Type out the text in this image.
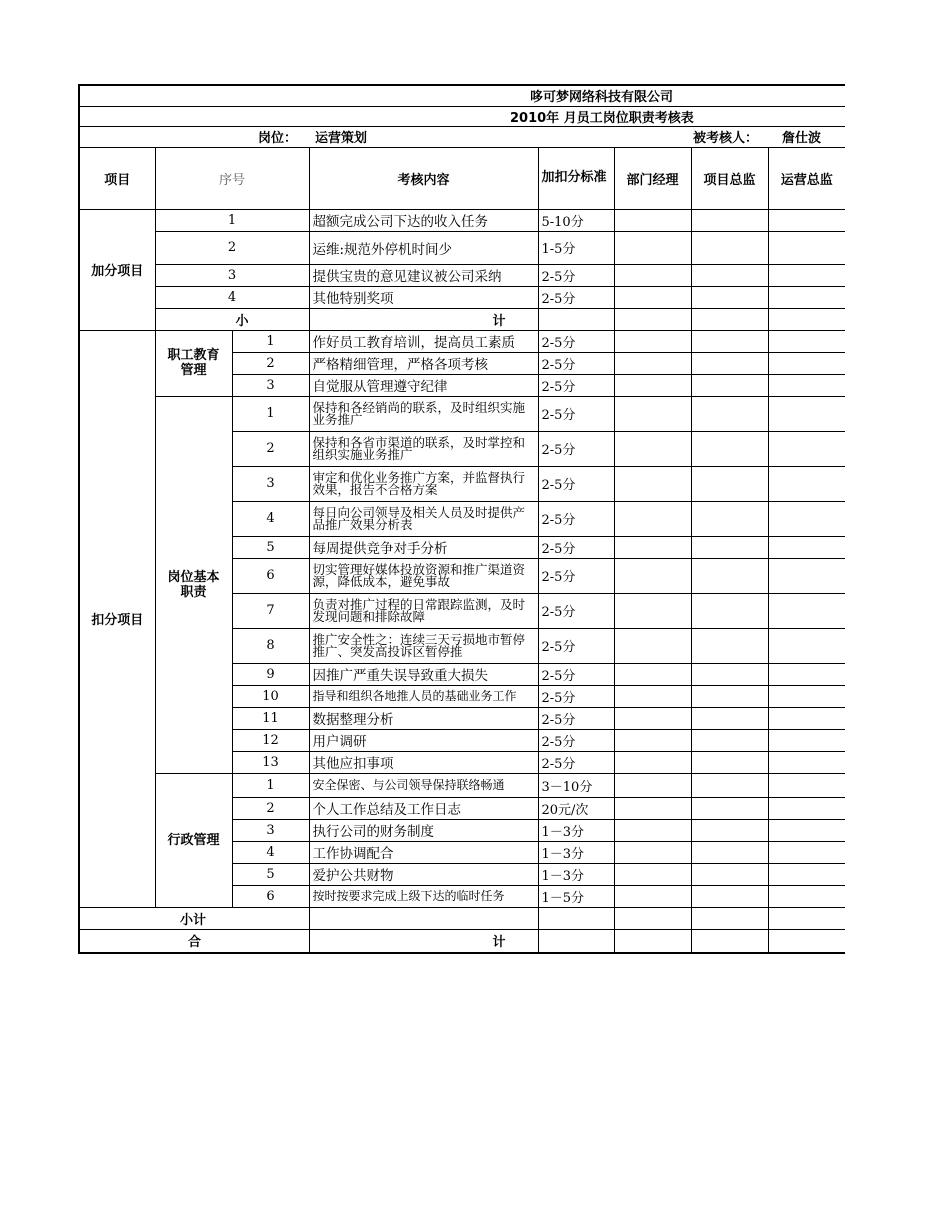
哆可梦网络科技有限公司							
2010年 月员工岗位职责考核表							
岗位： 运营策划 被考核人： 詹仕波							
项目	序号		考核内容	加扣分标准	部门经理	项目总监	运营总监
加分项目	1		超额完成公司下达的收入任务	5-10分			
	2		运维:规范外停机时间少	1-5分			
	3		提供宝贵的意见建议被公司采纳	2-5分			
	4		其他特别奖项	2-5分			
	小		计				
扣分项目	职工教育管理	1	作好员工教育培训，提高员工素质	2-5分			
		2	严格精细管理，严格各项考核	2-5分			
		3	自觉服从管理遵守纪律	2-5分			
	岗位基本职责	1	保持和各经销尚的联系，及时组织实施业务推广	2-5分			
		2	保持和各省市渠道的联系，及时掌控和组织实施业务推广	2-5分			
		3	审定和优化业务推广方案，并监督执行效果，报告不合格方案	2-5分			
		4	每日向公司领导及相关人员及时提供产品推广效果分析表	2-5分			
		5	每周提供竞争对手分析	2-5分			
		6	切实管理好媒体投放资源和推广渠道资源，降低成本，避免事故	2-5分			
		7	负责对推广过程的日常跟踪监测，及时发现问题和排除故障	2-5分			
		8	推广安全性之：连续三天亏损地市暂停推广、突发高投诉区暂停推	2-5分			
		9	因推广严重失误导致重大损失	2-5分			
		10	指导和组织各地推人员的基础业务工作	2-5分			
		11	数据整理分析	2-5分			
		12	用户调研	2-5分			
		13	其他应扣事项	2-5分			
	行政管理	1	安全保密、与公司领导保持联络畅通	3－10分			
		2	个人工作总结及工作日志	20元/次			
		3	执行公司的财务制度	1－3分			
		4	工作协调配合	1－3分			
		5	爱护公共财物	1－3分			
		6	按时按要求完成上级下达的临时任务	1－5分			
小计							
合			计				
